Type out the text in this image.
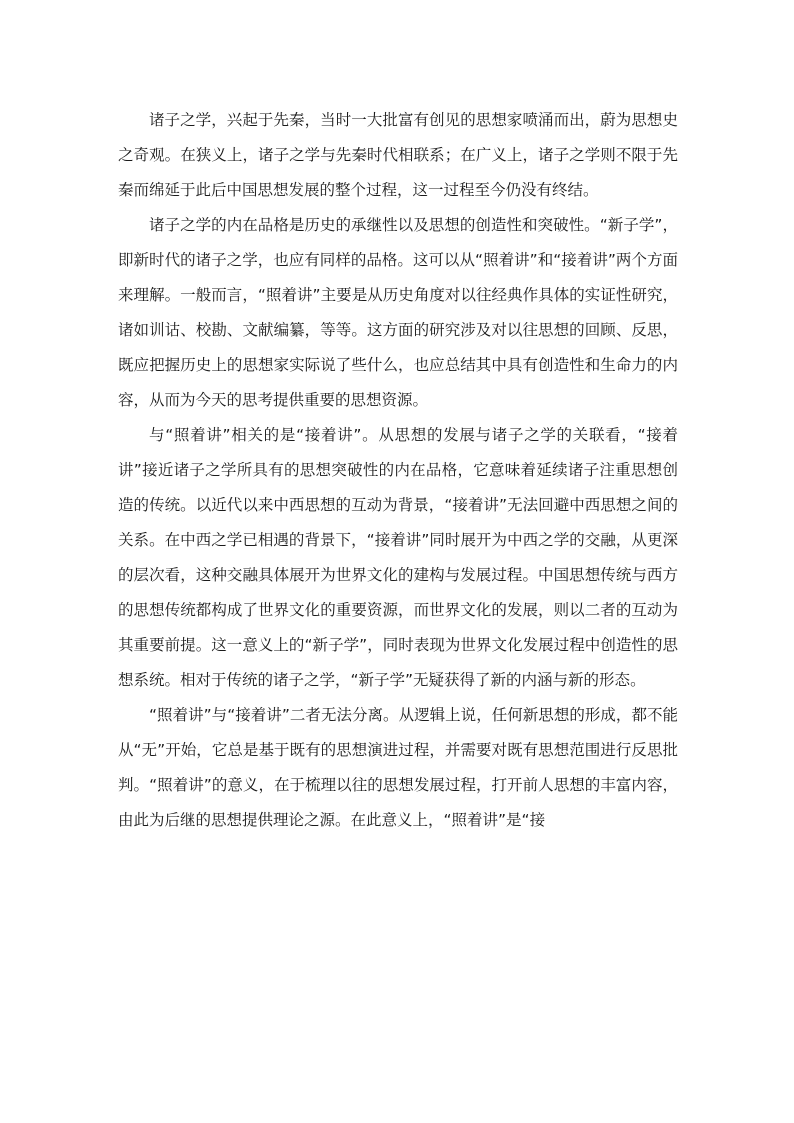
诸子之学，兴起于先秦，当时一大批富有创见的思想家喷涌而出，蔚为思想史之奇观。在狭义上，诸子之学与先秦时代相联系；在广义上，诸子之学则不限于先秦而绵延于此后中国思想发展的整个过程，这一过程至今仍没有终结。

诸子之学的内在品格是历史的承继性以及思想的创造性和突破性。“新子学”，即新时代的诸子之学，也应有同样的品格。这可以从“照着讲”和“接着讲”两个方面来理解。一般而言，“照着讲”主要是从历史角度对以往经典作具体的实证性研究，诸如训诂、校勘、文献编纂，等等。这方面的研究涉及对以往思想的回顾、反思，既应把握历史上的思想家实际说了些什么，也应总结其中具有创造性和生命力的内容，从而为今天的思考提供重要的思想资源。

与“照着讲”相关的是“接着讲”。从思想的发展与诸子之学的关联看，“接着讲”接近诸子之学所具有的思想突破性的内在品格，它意味着延续诸子注重思想创造的传统。以近代以来中西思想的互动为背景，“接着讲”无法回避中西思想之间的关系。在中西之学已相遇的背景下，“接着讲”同时展开为中西之学的交融，从更深的层次看，这种交融具体展开为世界文化的建构与发展过程。中国思想传统与西方的思想传统都构成了世界文化的重要资源，而世界文化的发展，则以二者的互动为其重要前提。这一意义上的“新子学”，同时表现为世界文化发展过程中创造性的思想系统。相对于传统的诸子之学，“新子学”无疑获得了新的内涵与新的形态。

“照着讲”与“接着讲”二者无法分离。从逻辑上说，任何新思想的形成，都不能从“无”开始，它总是基于既有的思想演进过程，并需要对既有思想范围进行反思批判。“照着讲”的意义，在于梳理以往的思想发展过程，打开前人思想的丰富内容，由此为后继的思想提供理论之源。在此意义上，“照着讲”是“接
